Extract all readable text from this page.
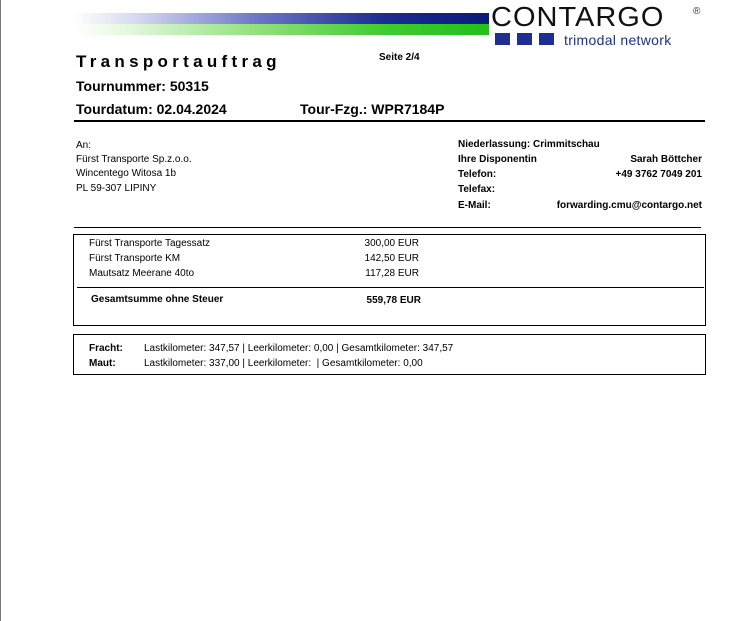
CONTARGO	®
trimodal network
Transportauftrag	Seite 2/4
Tournummer: 50315
Tourdatum: 02.04.2024	Tour-Fzg.: WPR7184P
An:
Fürst Transporte Sp.z.o.o.
Wincentego Witosa 1b
PL 59-307 LIPINY
Niederlassung: Crimmitschau
Ihre Disponentin	Sarah Böttcher
Telefon:	+49 3762 7049 201
Telefax:
E-Mail:	forwarding.cmu@contargo.net
Fürst Transporte Tagessatz	300,00 EUR
Fürst Transporte KM	142,50 EUR
Mautsatz Meerane 40to	117,28 EUR
Gesamtsumme ohne Steuer	559,78 EUR
Fracht: Lastkilometer: 347,57 | Leerkilometer: 0,00 | Gesamtkilometer: 347,57
Maut:	Lastkilometer: 337,00 | Leerkilometer:  | Gesamtkilometer: 0,00
